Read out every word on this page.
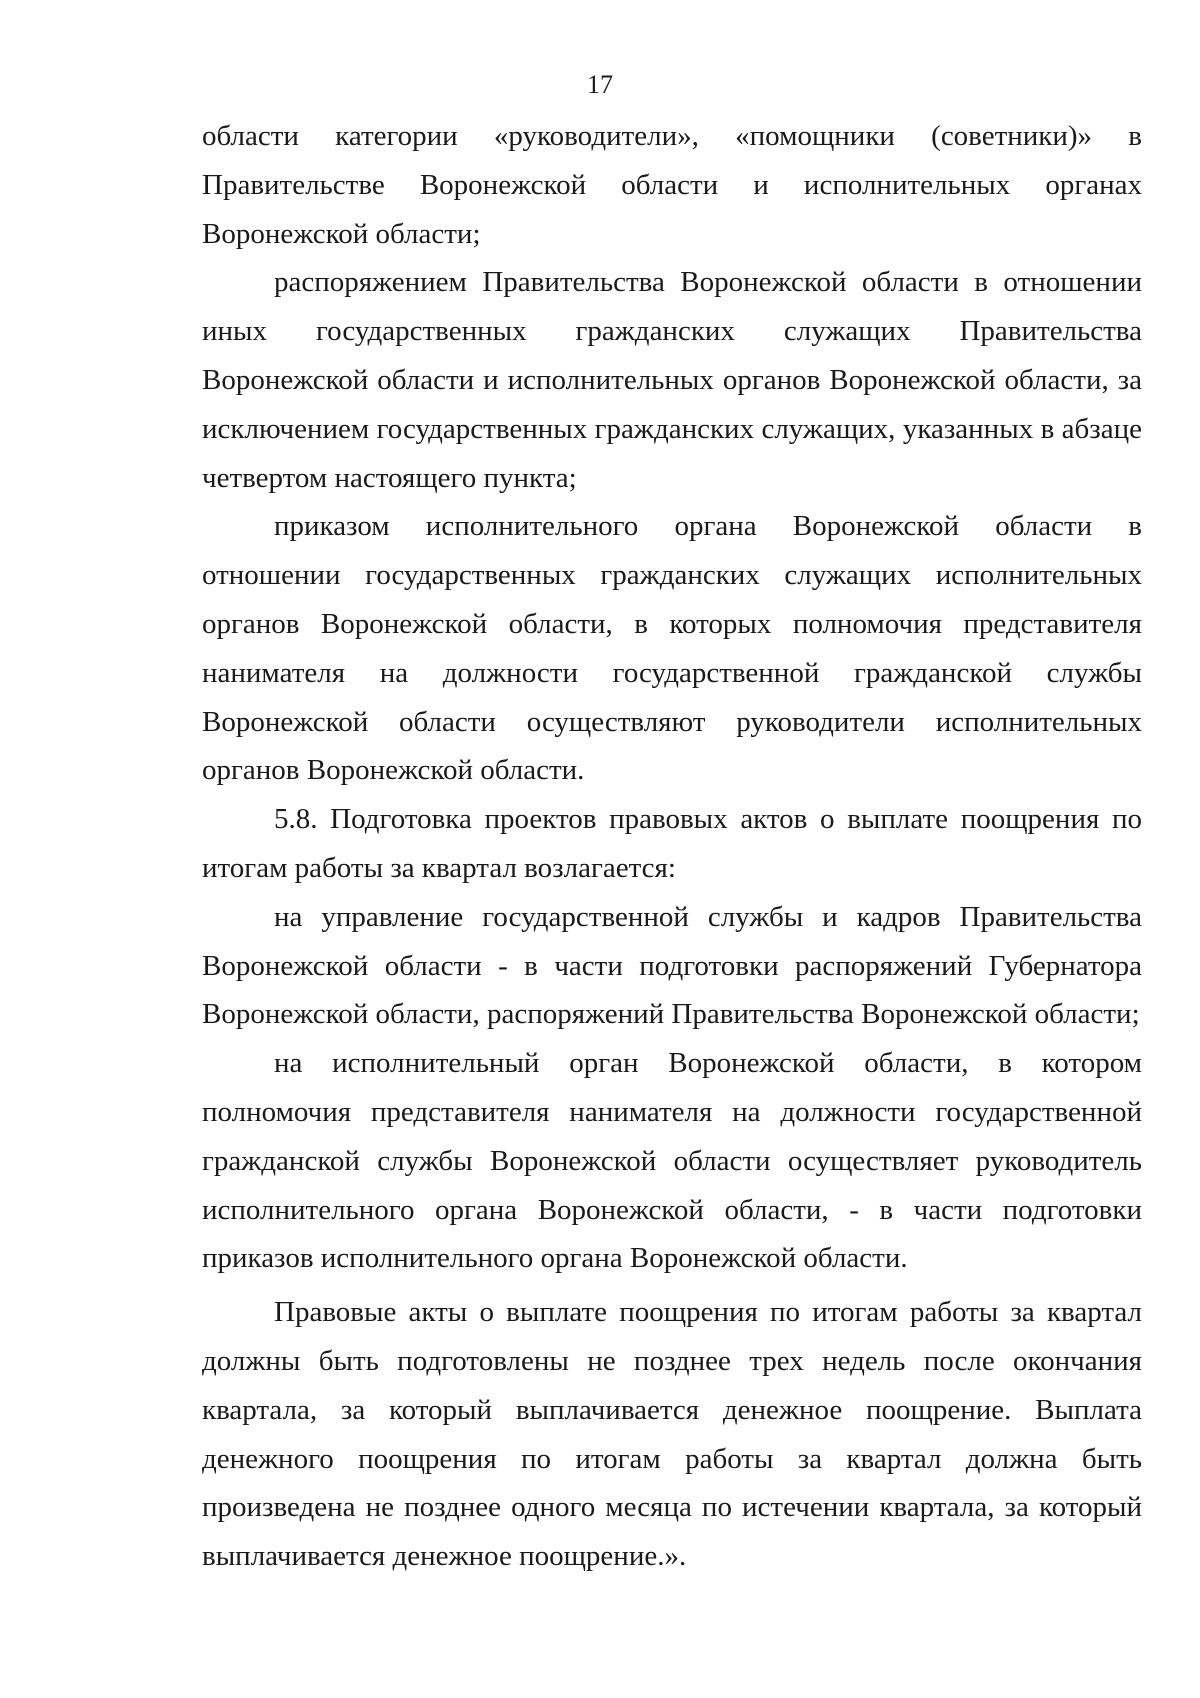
17

области категории «руководители», «помощники (советники)» в Правительстве Воронежской области и исполнительных органах Воронежской области;

распоряжением Правительства Воронежской области в отношении иных государственных гражданских служащих Правительства Воронежской области и исполнительных органов Воронежской области, за исключением государственных гражданских служащих, указанных в абзаце четвертом настоящего пункта;

приказом исполнительного органа Воронежской области в отношении государственных гражданских служащих исполнительных органов Воронежской области, в которых полномочия представителя нанимателя на должности государственной гражданской службы Воронежской области осуществляют руководители исполнительных органов Воронежской области.

5.8. Подготовка проектов правовых актов о выплате поощрения по итогам работы за квартал возлагается:

на управление государственной службы и кадров Правительства Воронежской области - в части подготовки распоряжений Губернатора Воронежской области, распоряжений Правительства Воронежской области;

на исполнительный орган Воронежской области, в котором полномочия представителя нанимателя на должности государственной гражданской службы Воронежской области осуществляет руководитель исполнительного органа Воронежской области, - в части подготовки приказов исполнительного органа Воронежской области.

Правовые акты о выплате поощрения по итогам работы за квартал должны быть подготовлены не позднее трех недель после окончания квартала, за который выплачивается денежное поощрение. Выплата денежного поощрения по итогам работы за квартал должна быть произведена не позднее одного месяца по истечении квартала, за который выплачивается денежное поощрение.».
